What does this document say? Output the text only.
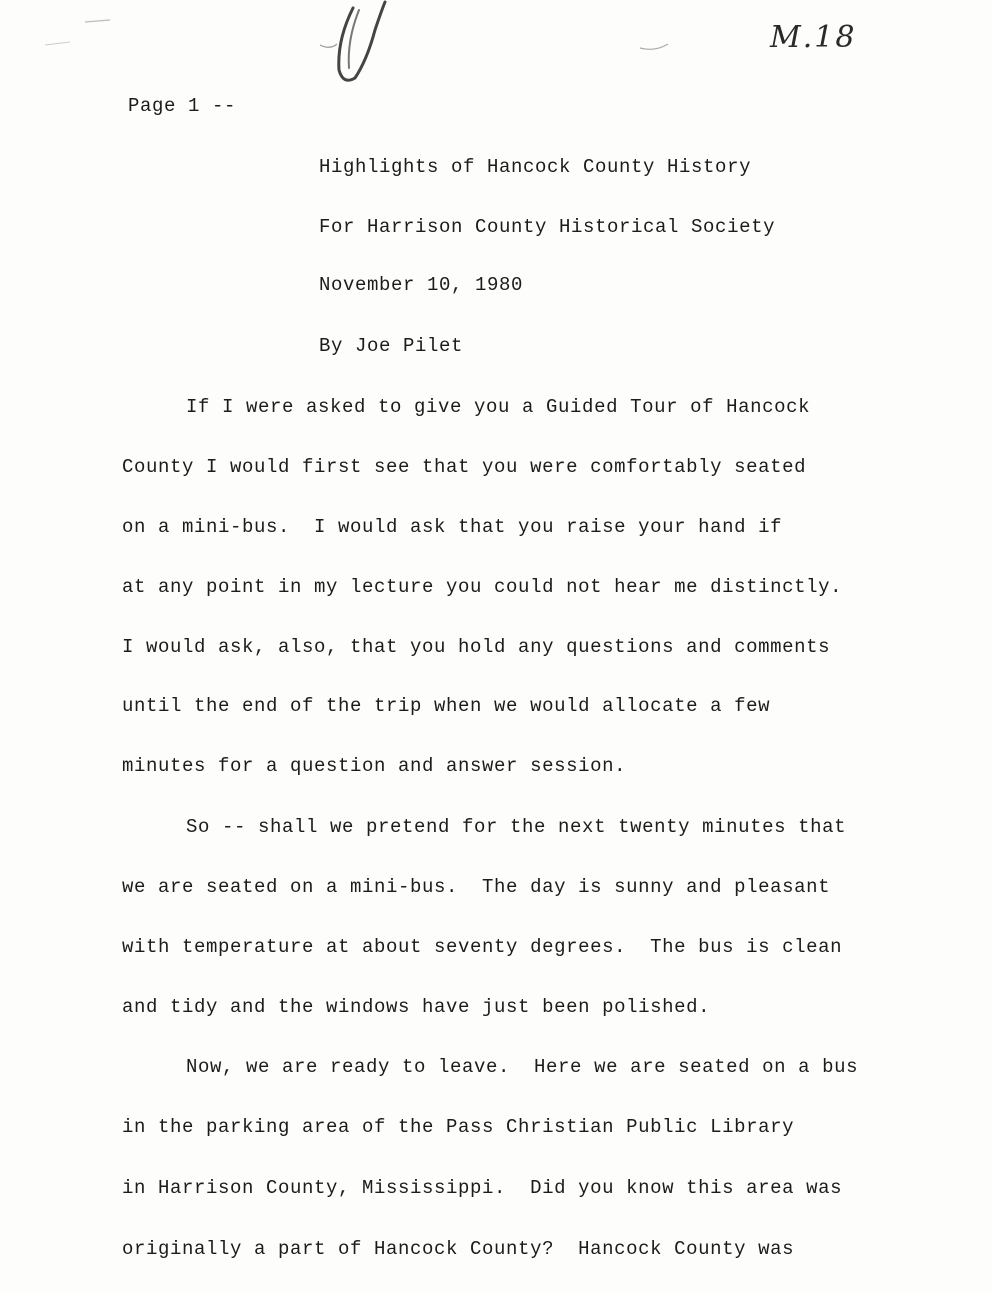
M.18
Page 1 --
Highlights of Hancock County History
For Harrison County Historical Society
November 10, 1980
By Joe Pilet
If I were asked to give you a Guided Tour of Hancock
County I would first see that you were comfortably seated
on a mini-bus.  I would ask that you raise your hand if
at any point in my lecture you could not hear me distinctly.
I would ask, also, that you hold any questions and comments
until the end of the trip when we would allocate a few
minutes for a question and answer session.
So -- shall we pretend for the next twenty minutes that
we are seated on a mini-bus.  The day is sunny and pleasant
with temperature at about seventy degrees.  The bus is clean
and tidy and the windows have just been polished.
Now, we are ready to leave.  Here we are seated on a bus
in the parking area of the Pass Christian Public Library
in Harrison County, Mississippi.  Did you know this area was
originally a part of Hancock County?  Hancock County was
